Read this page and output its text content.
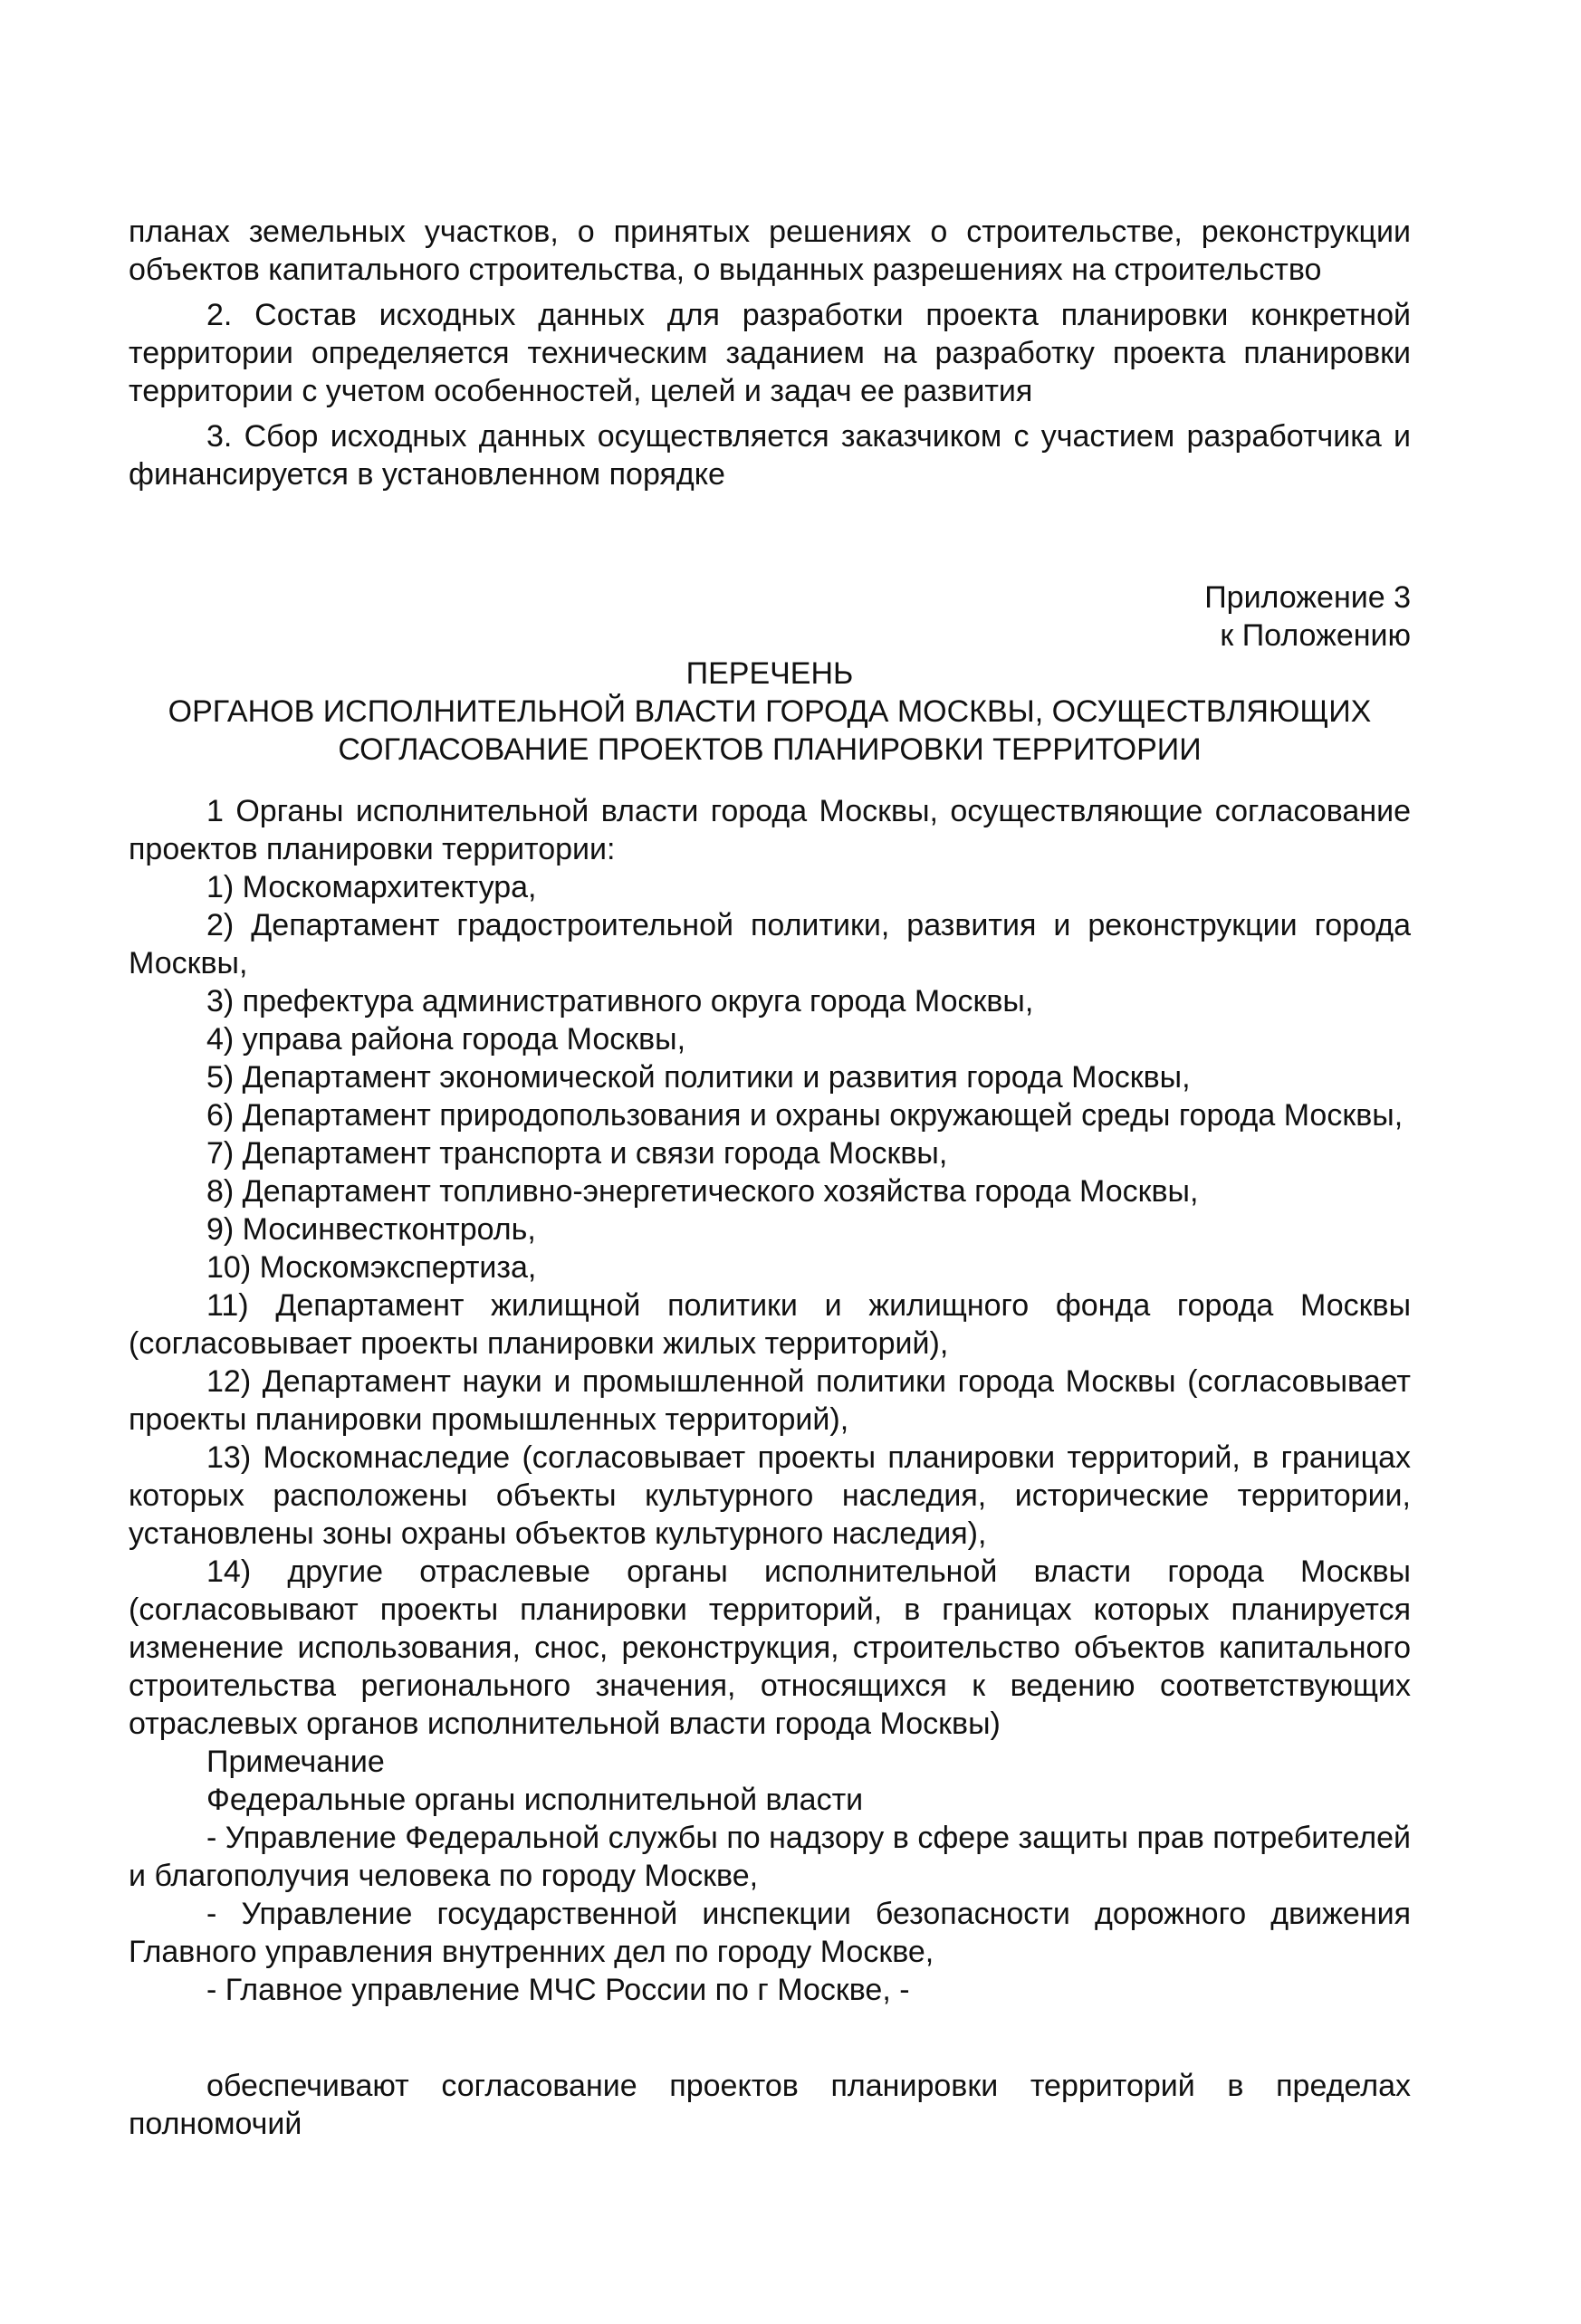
планах земельных участков, о принятых решениях о строительстве, реконструкции объектов капитального строительства, о выданных разрешениях на строительство

2. Состав исходных данных для разработки проекта планировки конкретной территории определяется техническим заданием на разработку проекта планировки территории с учетом особенностей, целей и задач ее развития

3. Сбор исходных данных осуществляется заказчиком с участием разработчика и финансируется в установленном порядке

Приложение 3

к Положению

ПЕРЕЧЕНЬ

ОРГАНОВ ИСПОЛНИТЕЛЬНОЙ ВЛАСТИ ГОРОДА МОСКВЫ, ОСУЩЕСТВЛЯЮЩИХ

СОГЛАСОВАНИЕ ПРОЕКТОВ ПЛАНИРОВКИ ТЕРРИТОРИИ

1 Органы исполнительной власти города Москвы, осуществляющие согласование проектов планировки территории:

1) Москомархитектура,

2) Департамент градостроительной политики, развития и реконструкции города Москвы,

3) префектура административного округа города Москвы,

4) управа района города Москвы,

5) Департамент экономической политики и развития города Москвы,

6) Департамент природопользования и охраны окружающей среды города Москвы,

7) Департамент транспорта и связи города Москвы,

8) Департамент топливно-энергетического хозяйства города Москвы,

9) Мосинвестконтроль,

10) Москомэкспертиза,

11) Департамент жилищной политики и жилищного фонда города Москвы (согласовывает проекты планировки жилых территорий),

12) Департамент науки и промышленной политики города Москвы (согласовывает проекты планировки промышленных территорий),

13) Москомнаследие (согласовывает проекты планировки территорий, в границах которых расположены объекты культурного наследия, исторические территории, установлены зоны охраны объектов культурного наследия),

14) другие отраслевые органы исполнительной власти города Москвы (согласовывают проекты планировки территорий, в границах которых планируется изменение использования, снос, реконструкция, строительство объектов капитального строительства регионального значения, относящихся к ведению соответствующих отраслевых органов исполнительной власти города Москвы)

Примечание

Федеральные органы исполнительной власти

- Управление Федеральной службы по надзору в сфере защиты прав потребителей и благополучия человека по городу Москве,

- Управление государственной инспекции безопасности дорожного движения Главного управления внутренних дел по городу Москве,

- Главное управление МЧС России по г Москве, -

обеспечивают согласование проектов планировки территорий в пределах полномочий
